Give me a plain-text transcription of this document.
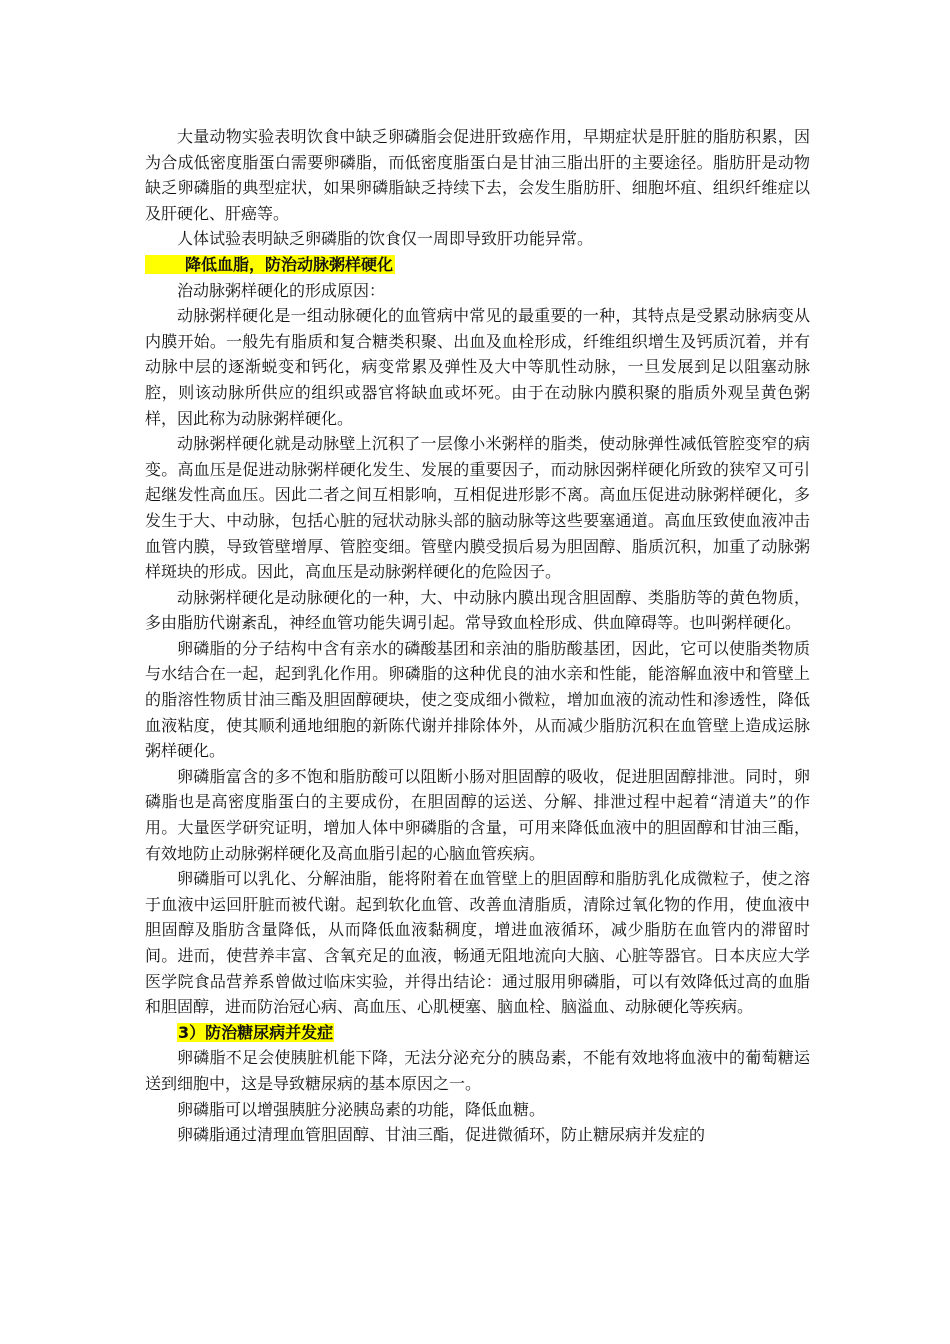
大量动物实验表明饮食中缺乏卵磷脂会促进肝致癌作用，早期症状是肝脏的脂肪积累，因为合成低密度脂蛋白需要卵磷脂，而低密度脂蛋白是甘油三脂出肝的主要途径。脂肪肝是动物缺乏卵磷脂的典型症状，如果卵磷脂缺乏持续下去，会发生脂肪肝、细胞坏疽、组织纤维症以及肝硬化、肝癌等。

人体试验表明缺乏卵磷脂的饮食仅一周即导致肝功能异常。

降低血脂，防治动脉粥样硬化

治动脉粥样硬化的形成原因：

动脉粥样硬化是一组动脉硬化的血管病中常见的最重要的一种，其特点是受累动脉病变从内膜开始。一般先有脂质和复合糖类积聚、出血及血栓形成，纤维组织增生及钙质沉着，并有动脉中层的逐渐蜕变和钙化，病变常累及弹性及大中等肌性动脉，一旦发展到足以阻塞动脉腔，则该动脉所供应的组织或器官将缺血或坏死。由于在动脉内膜积聚的脂质外观呈黄色粥样，因此称为动脉粥样硬化。

动脉粥样硬化就是动脉壁上沉积了一层像小米粥样的脂类，使动脉弹性减低管腔变窄的病变。高血压是促进动脉粥样硬化发生、发展的重要因子，而动脉因粥样硬化所致的狭窄又可引起继发性高血压。因此二者之间互相影响，互相促进形影不离。高血压促进动脉粥样硬化，多发生于大、中动脉，包括心脏的冠状动脉头部的脑动脉等这些要塞通道。高血压致使血液冲击血管内膜，导致管壁增厚、管腔变细。管壁内膜受损后易为胆固醇、脂质沉积，加重了动脉粥样斑块的形成。因此，高血压是动脉粥样硬化的危险因子。

动脉粥样硬化是动脉硬化的一种，大、中动脉内膜出现含胆固醇、类脂肪等的黄色物质，多由脂肪代谢紊乱，神经血管功能失调引起。常导致血栓形成、供血障碍等。也叫粥样硬化。

卵磷脂的分子结构中含有亲水的磷酸基团和亲油的脂肪酸基团，因此，它可以使脂类物质与水结合在一起，起到乳化作用。卵磷脂的这种优良的油水亲和性能，能溶解血液中和管壁上的脂溶性物质甘油三酯及胆固醇硬块，使之变成细小微粒，增加血液的流动性和渗透性，降低血液粘度，使其顺利通地细胞的新陈代谢并排除体外，从而减少脂肪沉积在血管壁上造成运脉粥样硬化。

卵磷脂富含的多不饱和脂肪酸可以阻断小肠对胆固醇的吸收，促进胆固醇排泄。同时，卵磷脂也是高密度脂蛋白的主要成份，在胆固醇的运送、分解、排泄过程中起着“清道夫”的作用。大量医学研究证明，增加人体中卵磷脂的含量，可用来降低血液中的胆固醇和甘油三酯，有效地防止动脉粥样硬化及高血脂引起的心脑血管疾病。

卵磷脂可以乳化、分解油脂，能将附着在血管壁上的胆固醇和脂肪乳化成微粒子，使之溶于血液中运回肝脏而被代谢。起到软化血管、改善血清脂质，清除过氧化物的作用，使血液中胆固醇及脂肪含量降低，从而降低血液黏稠度，增进血液循环，减少脂肪在血管内的滞留时间。进而，使营养丰富、含氧充足的血液，畅通无阻地流向大脑、心脏等器官。日本庆应大学医学院食品营养系曾做过临床实验，并得出结论：通过服用卵磷脂，可以有效降低过高的血脂和胆固醇，进而防治冠心病、高血压、心肌梗塞、脑血栓、脑溢血、动脉硬化等疾病。

3）防治糖尿病并发症

卵磷脂不足会使胰脏机能下降，无法分泌充分的胰岛素，不能有效地将血液中的葡萄糖运送到细胞中，这是导致糖尿病的基本原因之一。

卵磷脂可以增强胰脏分泌胰岛素的功能，降低血糖。

卵磷脂通过清理血管胆固醇、甘油三酯，促进微循环，防止糖尿病并发症的
